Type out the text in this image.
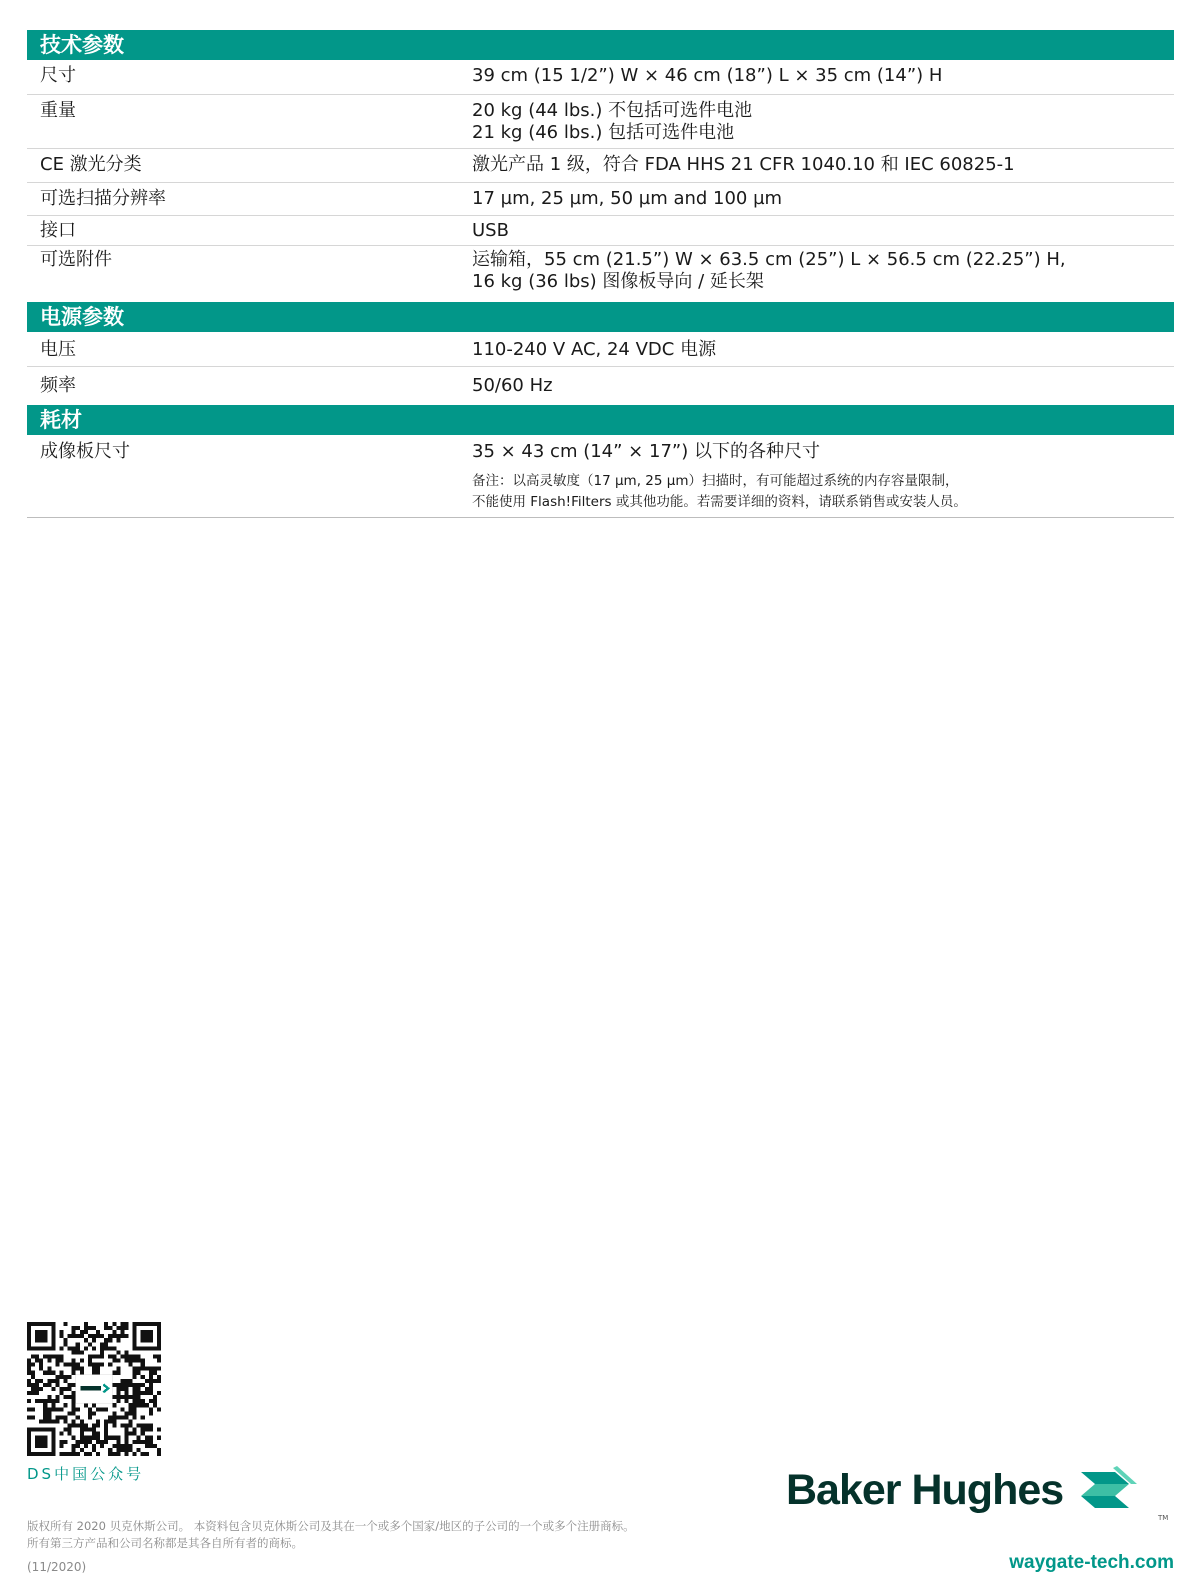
技术参数
尺寸	39 cm (15 1/2”) W × 46 cm (18”) L × 35 cm (14”) H
重量	20 kg (44 lbs.) 不包括可选件电池
21 kg (46 lbs.) 包括可选件电池
CE 激光分类	激光产品 1 级，符合 FDA HHS 21 CFR 1040.10 和 IEC 60825-1
可选扫描分辨率	17 µm, 25 µm, 50 µm and 100 µm
接口	USB
可选附件	运输箱，55 cm (21.5”) W × 63.5 cm (25”) L × 56.5 cm (22.25”) H,
16 kg (36 lbs) 图像板导向 / 延长架
电源参数
电压	110-240 V AC, 24 VDC 电源
频率	50/60 Hz
耗材
成像板尺寸	35 × 43 cm (14” × 17”) 以下的各种尺寸
备注：以高灵敏度（17 µm, 25 µm）扫描时，有可能超过系统的内存容量限制，
不能使用 Flash!Filters 或其他功能。若需要详细的资料，请联系销售或安装人员。
DS中国公众号
版权所有 2020 贝克休斯公司。 本资料包含贝克休斯公司及其在一个或多个国家/地区的子公司的一个或多个注册商标。
所有第三方产品和公司名称都是其各自所有者的商标。
(11/2020)
Baker Hughes
TM
waygate-tech.com
